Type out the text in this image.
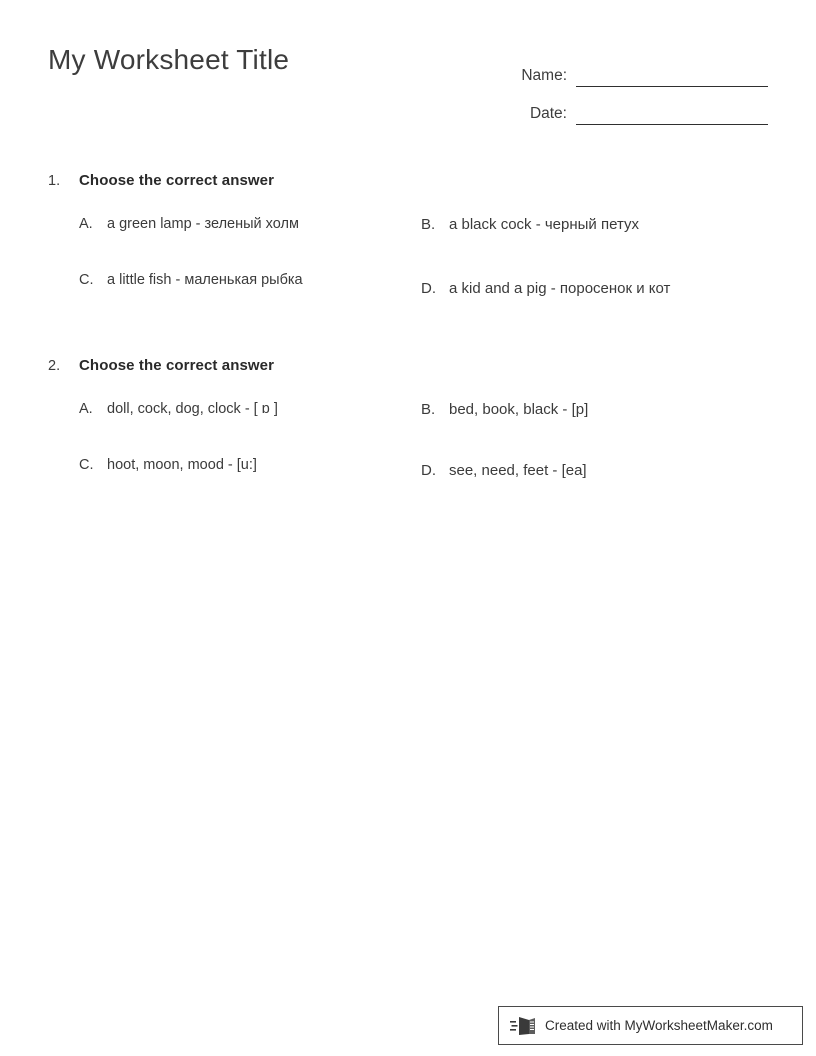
My Worksheet Title	Name:
Date:
1.	Choose the correct answer
A. a green lamp - зеленый холм	B. a black cock - черный петух
C. a little fish - маленькая рыбка	D. a kid and a pig - поросенок и кот
2.	Choose the correct answer
A. doll, cock, dog, clock - [ ɒ ]	B. bed, book, black - [p]
C. hoot, moon, mood - [u:]	D. see, need, feet - [ea]
Created with MyWorksheetMaker.com
